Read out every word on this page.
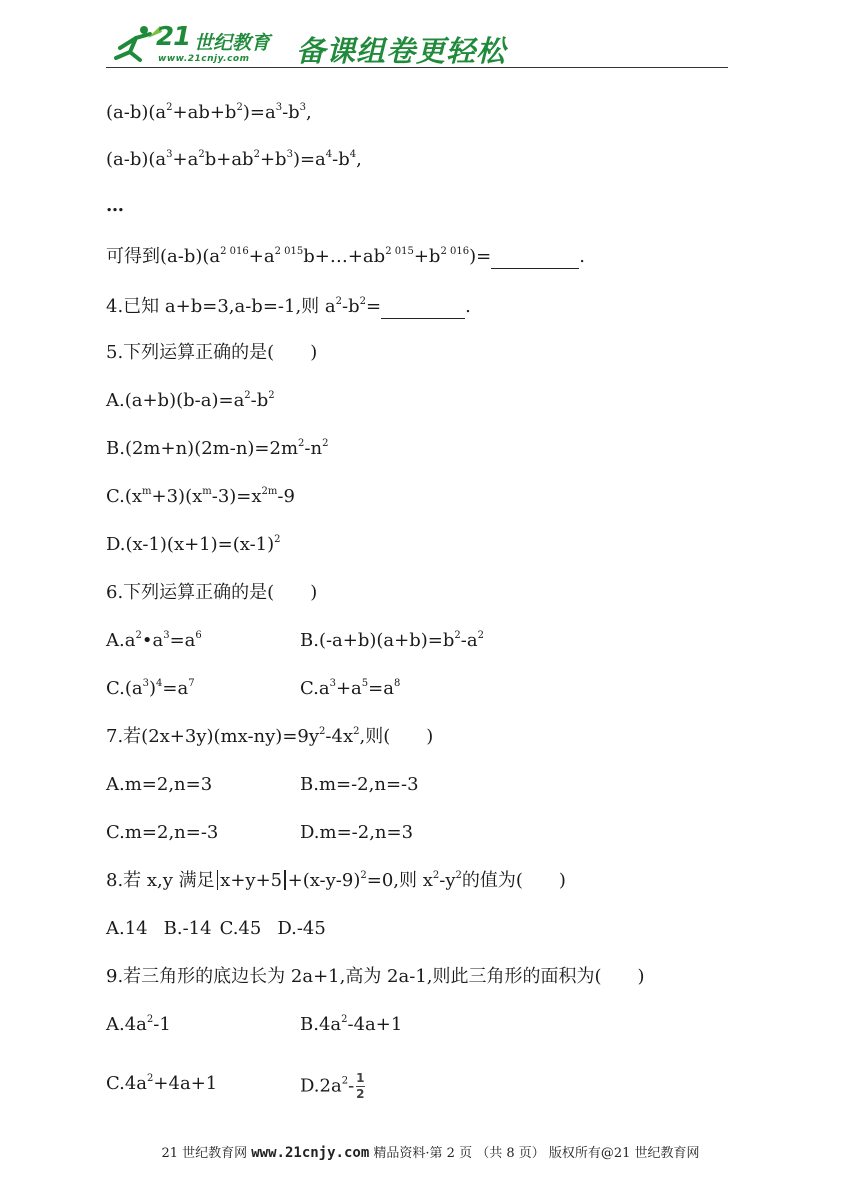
21 世纪教育
www.21cnjy.com 备课组卷更轻松
$(a-b)(a^2+ab+b^2)=a^3-b^3$,
$(a-b)(a^3+a^2b+ab^2+b^3)=a^4-b^4$,
…
可得到$(a-b)(a^{2 016}+a^{2 015}b+\dots+ab^{2 015}+b^{2 016})=$	.
4.已知 a+b=3,a-b=-1,则 $a^2-b^2=$	.
5.下列运算正确的是(　　)
$A.(a+b)(b-a)=a^2-b^2$
$B.(2m+n)(2m-n)=2m^2-n^2$
$C.(x^m+3)(x^m-3)=x^{2m}-9$
$D.(x-1)(x+1)=(x-1)^2$
6.下列运算正确的是(　　)
$A.a^2•a^3=a^6$	$B.(-a+b)(a+b)=b^2-a^2$
$C.(a^3)^4=a^7$	$C.a^3+a^5=a^8$
7.若$(2x+3y)(mx-ny)=9y^2-4x^2$,则(　　)
A.m=2,n=3	B.m=-2,n=-3
C.m=2,n=-3	D.m=-2,n=3
8.若 x,y 满足 $x+y+5 +(x-y-9)^2=0$,则 $x^2-y^2$的值为(　　)
A.14 B.-14 C.45 D.-45
9.若三角形的底边长为 2a+1,高为 2a-1,则此三角形的面积为(　　)
$A.4a^2-1$	$B.4a^2-4a+1$
$C.4a^2+4a+1$	$D.2a^2- \frac{1}{2}$
21 世纪教育网 www.21cnjy.com 精品资料·第 2 页 （共 8 页） 版权所有@21 世纪教育网
